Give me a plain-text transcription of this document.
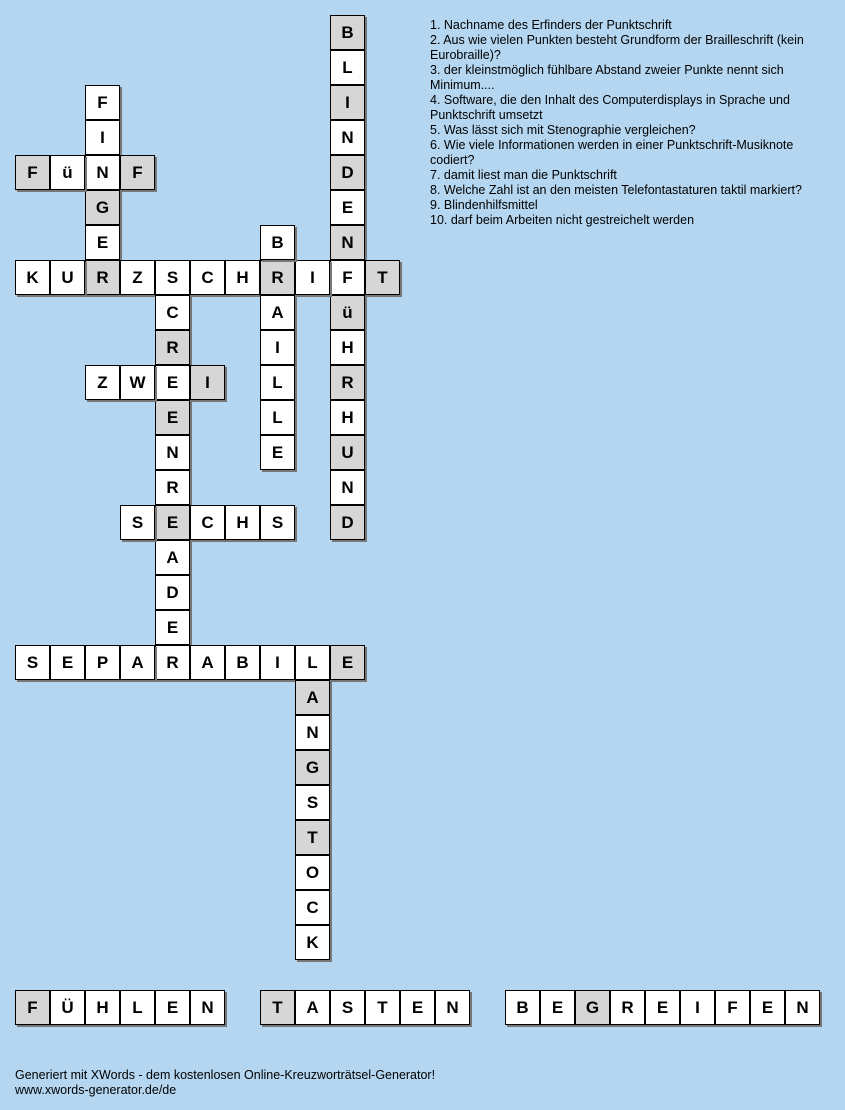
1. Nachname des Erfinders der Punktschrift
2. Aus wie vielen Punkten besteht Grundform der Brailleschrift (kein Eurobraille)?
3. der kleinstmöglich fühlbare Abstand zweier Punkte nennt sich Minimum....
4. Software, die den Inhalt des Computerdisplays in Sprache und Punktschrift umsetzt
5. Was lässt sich mit Stenographie vergleichen?
6. Wie viele Informationen werden in einer Punktschrift-Musiknote codiert?
7. damit liest man die Punktschrift
8. Welche Zahl ist an den meisten Telefontastaturen taktil markiert?
9. Blindenhilfsmittel
10. darf beim Arbeiten nicht gestreichelt werden
B
L
I
N
D
E
N
F
ü
H
R
H
U
N
D
F
I
N
G
E
R
F	ü	F
K	U	Z	S	C	H	R	I	T
B
A
I
L
L
E
C
R
E
E
N
R
E
A
D
E
R
Z	W	I
S	C	H	S
S	E	P	A	A	B	I	L	E
A
N
G
S
T
O
C
K
F	Ü	H	L	E	N	T	A	S	T	E	N	B	E	G	R	E	I	F	E	N
Generiert mit XWords - dem kostenlosen Online-Kreuzworträtsel-Generator!
www.xwords-generator.de/de
